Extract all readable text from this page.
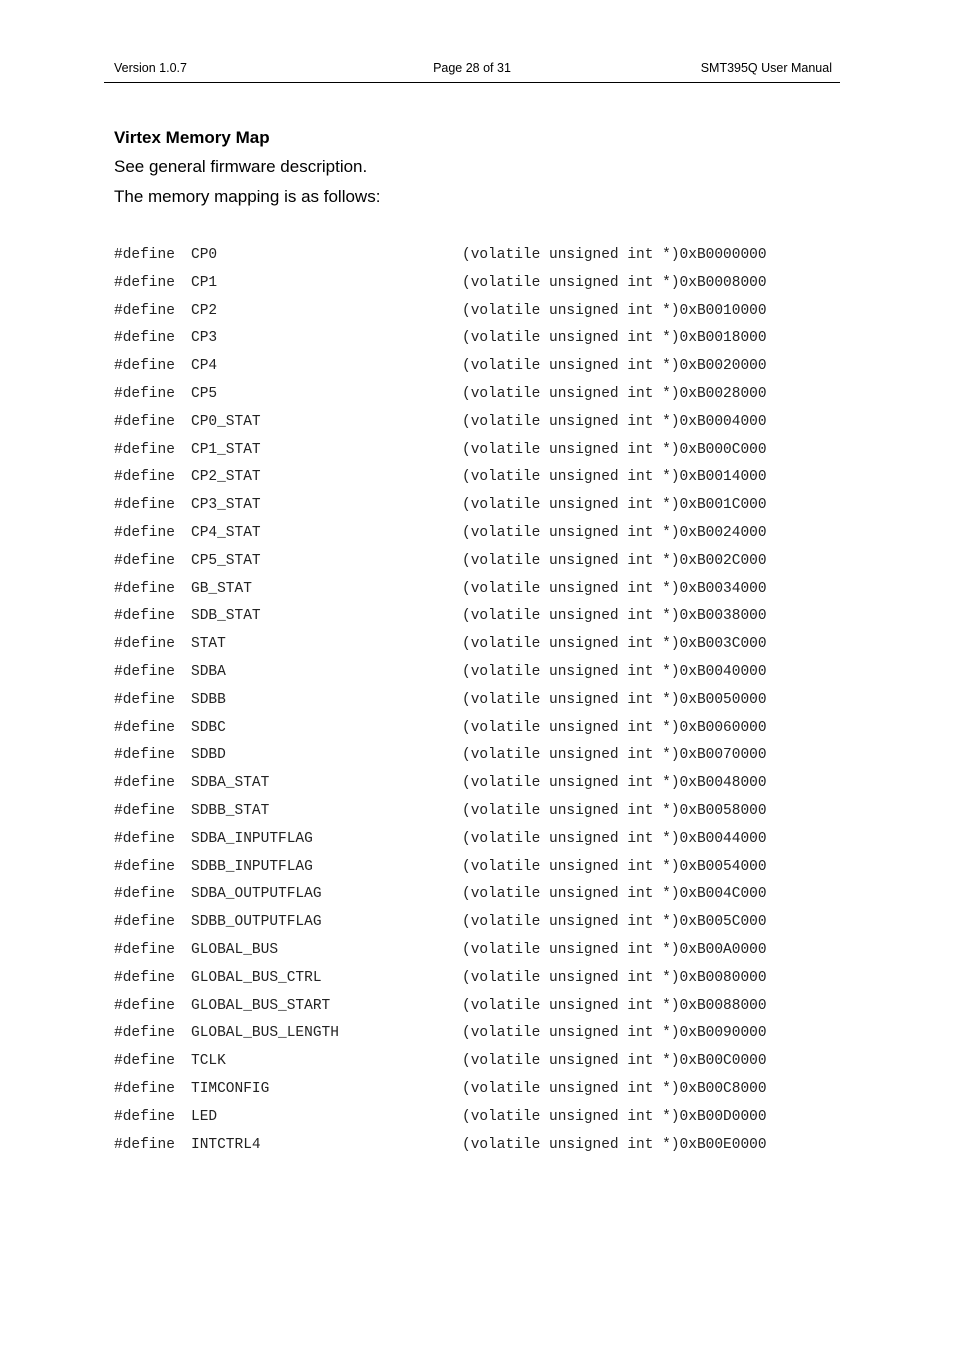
Version 1.0.7	Page 28 of 31	SMT395Q User Manual
Virtex Memory Map
See general firmware description.
The memory mapping is as follows:
#define CP0	(volatile unsigned int *)0xB0000000
#define CP1	(volatile unsigned int *)0xB0008000
#define CP2	(volatile unsigned int *)0xB0010000
#define CP3	(volatile unsigned int *)0xB0018000
#define CP4	(volatile unsigned int *)0xB0020000
#define CP5	(volatile unsigned int *)0xB0028000
#define CP0_STAT	(volatile unsigned int *)0xB0004000
#define CP1_STAT	(volatile unsigned int *)0xB000C000
#define CP2_STAT	(volatile unsigned int *)0xB0014000
#define CP3_STAT	(volatile unsigned int *)0xB001C000
#define CP4_STAT	(volatile unsigned int *)0xB0024000
#define CP5_STAT	(volatile unsigned int *)0xB002C000
#define GB_STAT	(volatile unsigned int *)0xB0034000
#define SDB_STAT	(volatile unsigned int *)0xB0038000
#define STAT	(volatile unsigned int *)0xB003C000
#define SDBA	(volatile unsigned int *)0xB0040000
#define SDBB	(volatile unsigned int *)0xB0050000
#define SDBC	(volatile unsigned int *)0xB0060000
#define SDBD	(volatile unsigned int *)0xB0070000
#define SDBA_STAT	(volatile unsigned int *)0xB0048000
#define SDBB_STAT	(volatile unsigned int *)0xB0058000
#define SDBA_INPUTFLAG	(volatile unsigned int *)0xB0044000
#define SDBB_INPUTFLAG	(volatile unsigned int *)0xB0054000
#define SDBA_OUTPUTFLAG	(volatile unsigned int *)0xB004C000
#define SDBB_OUTPUTFLAG	(volatile unsigned int *)0xB005C000
#define GLOBAL_BUS	(volatile unsigned int *)0xB00A0000
#define GLOBAL_BUS_CTRL	(volatile unsigned int *)0xB0080000
#define GLOBAL_BUS_START	(volatile unsigned int *)0xB0088000
#define GLOBAL_BUS_LENGTH	(volatile unsigned int *)0xB0090000
#define TCLK	(volatile unsigned int *)0xB00C0000
#define TIMCONFIG	(volatile unsigned int *)0xB00C8000
#define LED	(volatile unsigned int *)0xB00D0000
#define INTCTRL4	(volatile unsigned int *)0xB00E0000
